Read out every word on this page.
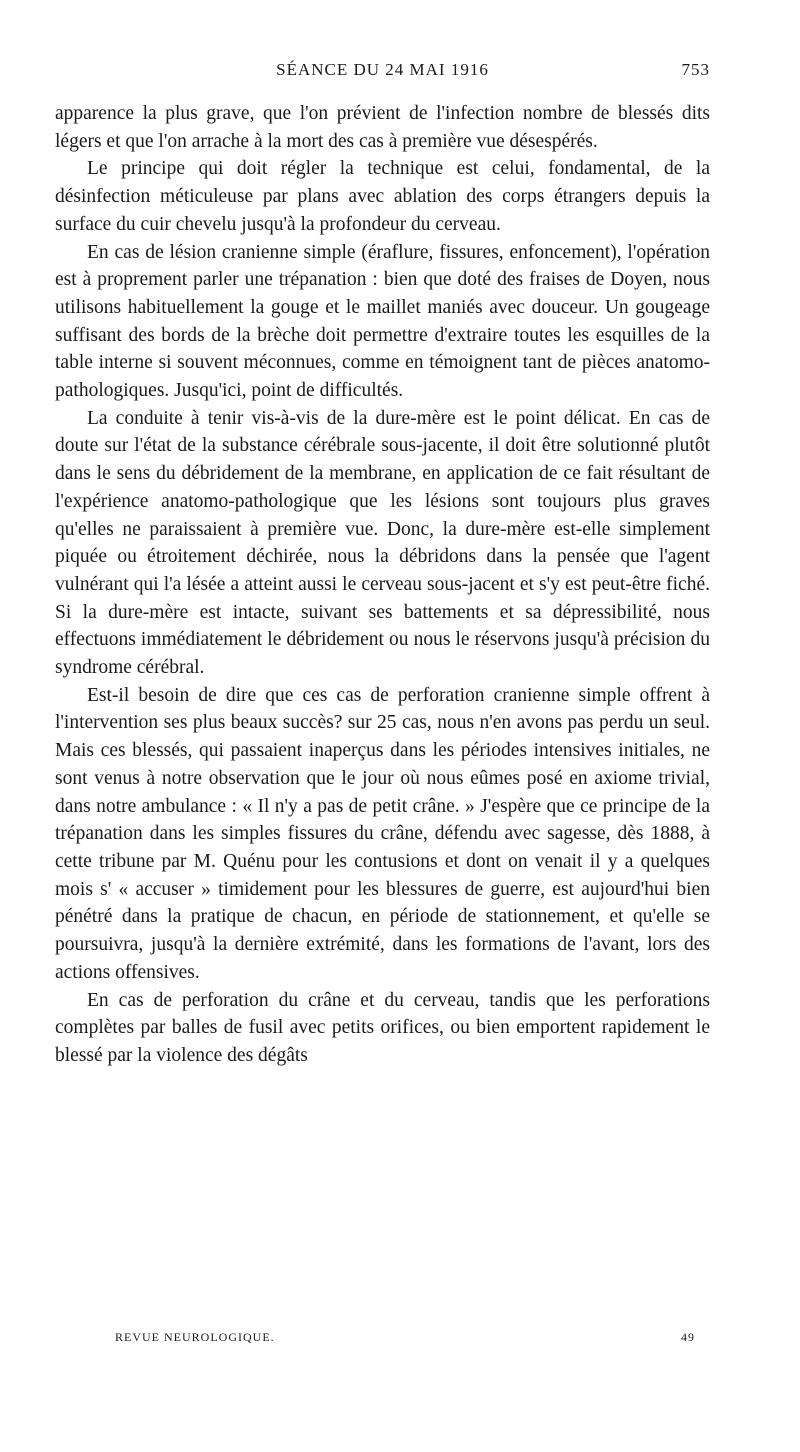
SÉANCE DU 24 MAI 1916	753

apparence la plus grave, que l'on prévient de l'infection nombre de blessés dits légers et que l'on arrache à la mort des cas à première vue désespérés.

Le principe qui doit régler la technique est celui, fondamental, de la désinfection méticuleuse par plans avec ablation des corps étrangers depuis la surface du cuir chevelu jusqu'à la profondeur du cerveau.

En cas de lésion cranienne simple (éraflure, fissures, enfoncement), l'opération est à proprement parler une trépanation : bien que doté des fraises de Doyen, nous utilisons habituellement la gouge et le maillet maniés avec douceur. Un gougeage suffisant des bords de la brèche doit permettre d'extraire toutes les esquilles de la table interne si souvent méconnues, comme en témoignent tant de pièces anatomo-pathologiques. Jusqu'ici, point de difficultés.

La conduite à tenir vis-à-vis de la dure-mère est le point délicat. En cas de doute sur l'état de la substance cérébrale sous-jacente, il doit être solutionné plutôt dans le sens du débridement de la membrane, en application de ce fait résultant de l'expérience anatomo-pathologique que les lésions sont toujours plus graves qu'elles ne paraissaient à première vue. Donc, la dure-mère est-elle simplement piquée ou étroitement déchirée, nous la débridons dans la pensée que l'agent vulnérant qui l'a lésée a atteint aussi le cerveau sous-jacent et s'y est peut-être fiché. Si la dure-mère est intacte, suivant ses battements et sa dépressibilité, nous effectuons immédiatement le débridement ou nous le réservons jusqu'à précision du syndrome cérébral.

Est-il besoin de dire que ces cas de perforation cranienne simple offrent à l'intervention ses plus beaux succès? sur 25 cas, nous n'en avons pas perdu un seul. Mais ces blessés, qui passaient inaperçus dans les périodes intensives initiales, ne sont venus à notre observation que le jour où nous eûmes posé en axiome trivial, dans notre ambulance : « Il n'y a pas de petit crâne. » J'espère que ce principe de la trépanation dans les simples fissures du crâne, défendu avec sagesse, dès 1888, à cette tribune par M. Quénu pour les contusions et dont on venait il y a quelques mois s' « accuser » timidement pour les blessures de guerre, est aujourd'hui bien pénétré dans la pratique de chacun, en période de stationnement, et qu'elle se poursuivra, jusqu'à la dernière extrémité, dans les formations de l'avant, lors des actions offensives.

En cas de perforation du crâne et du cerveau, tandis que les perforations complètes par balles de fusil avec petits orifices, ou bien emportent rapidement le blessé par la violence des dégâts

REVUE NEUROLOGIQUE.	49
